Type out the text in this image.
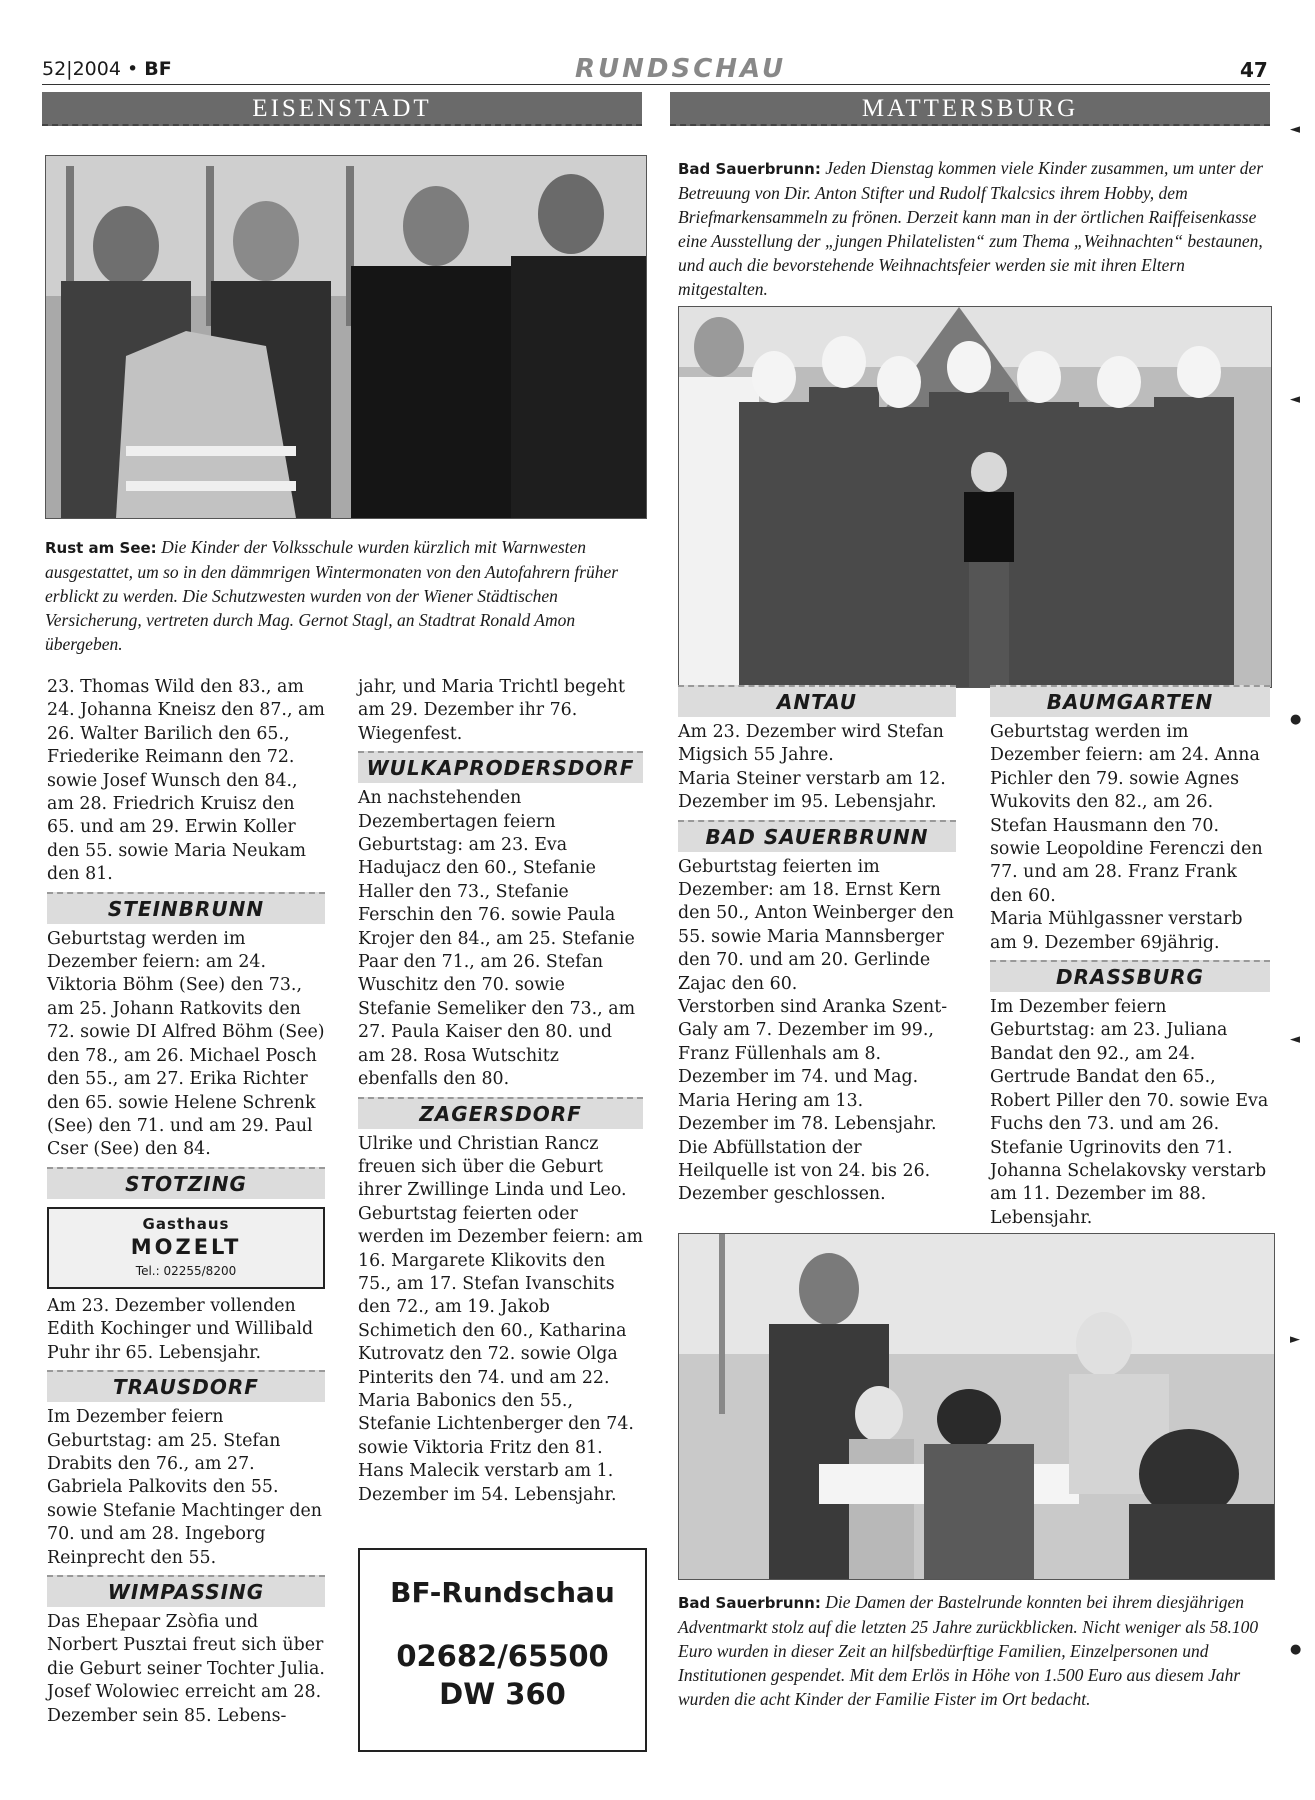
52|2004 • BF	RUNDSCHAU	47
EISENSTADT	MATTERSBURG
Bad Sauerbrunn: Jeden Dienstag kommen viele Kinder zusammen, um unter der Betreuung von Dir. Anton Stifter und Rudolf Tkalcsics ihrem Hobby, dem Briefmarkensammeln zu frönen. Derzeit kann man in der örtlichen Raiffeisenkasse eine Ausstellung der „jungen Philatelisten“ zum Thema „Weihnachten“ bestaunen, und auch die bevorstehende Weihnachtsfeier werden sie mit ihren Eltern mitgestalten.
Rust am See: Die Kinder der Volksschule wurden kürzlich mit Warnwesten ausgestattet, um so in den dämmrigen Wintermonaten von den Autofahrern früher erblickt zu werden. Die Schutzwesten wurden von der Wiener Städtischen Versicherung, vertreten durch Mag. Gernot Stagl, an Stadtrat Ronald Amon übergeben.

23. Thomas Wild den 83., am 24. Johanna Kneisz den 87., am 26. Walter Barilich den 65., Friederike Reimann den 72. sowie Josef Wunsch den 84., am 28. Friedrich Kruisz den 65. und am 29. Erwin Koller den 55. sowie Maria Neukam den 81.

STEINBRUNN

Geburtstag werden im Dezember feiern: am 24. Viktoria Böhm (See) den 73., am 25. Johann Ratkovits den 72. sowie DI Alfred Böhm (See) den 78., am 26. Michael Posch den 55., am 27. Erika Richter den 65. sowie Helene Schrenk (See) den 71. und am 29. Paul Cser (See) den 84.

STOTZING
Gasthaus
MOZELT
Tel.: 02255/8200

Am 23. Dezember vollenden Edith Kochinger und Willibald Puhr ihr 65. Lebensjahr.

TRAUSDORF

Im Dezember feiern Geburtstag: am 25. Stefan Drabits den 76., am 27. Gabriela Palkovits den 55. sowie Stefanie Machtinger den 70. und am 28. Ingeborg Reinprecht den 55.

WIMPASSING

Das Ehepaar Zsòfia und Norbert Pusztai freut sich über die Geburt seiner Tochter Julia. Josef Wolowiec erreicht am 28. Dezember sein 85. Lebens-

jahr, und Maria Trichtl begeht am 29. Dezember ihr 76. Wiegenfest.

WULKAPRODERSDORF

An nachstehenden Dezembertagen feiern Geburtstag: am 23. Eva Hadujacz den 60., Stefanie Haller den 73., Stefanie Ferschin den 76. sowie Paula Krojer den 84., am 25. Stefanie Paar den 71., am 26. Stefan Wuschitz den 70. sowie Stefanie Semeliker den 73., am 27. Paula Kaiser den 80. und am 28. Rosa Wutschitz ebenfalls den 80.

ZAGERSDORF

Ulrike und Christian Rancz freuen sich über die Geburt ihrer Zwillinge Linda und Leo. Geburtstag feierten oder werden im Dezember feiern: am 16. Margarete Klikovits den 75., am 17. Stefan Ivanschits den 72., am 19. Jakob Schimetich den 60., Katharina Kutrovatz den 72. sowie Olga Pinterits den 74. und am 22. Maria Babonics den 55., Stefanie Lichtenberger den 74. sowie Viktoria Fritz den 81.

Hans Malecik verstarb am 1. Dezember im 54. Lebensjahr.

BF-Rundschau
02682/65500
DW 360
ANTAU

Am 23. Dezember wird Stefan Migsich 55 Jahre.

Maria Steiner verstarb am 12. Dezember im 95. Lebensjahr.

BAD SAUERBRUNN

Geburtstag feierten im Dezember: am 18. Ernst Kern den 50., Anton Weinberger den 55. sowie Maria Mannsberger den 70. und am 20. Gerlinde Zajac den 60.

Verstorben sind Aranka Szent-Galy am 7. Dezember im 99., Franz Füllenhals am 8. Dezember im 74. und Mag. Maria Hering am 13. Dezember im 78. Lebensjahr.

Die Abfüllstation der Heilquelle ist von 24. bis 26. Dezember geschlossen.

BAUMGARTEN

Geburtstag werden im Dezember feiern: am 24. Anna Pichler den 79. sowie Agnes Wukovits den 82., am 26. Stefan Hausmann den 70. sowie Leopoldine Ferenczi den 77. und am 28. Franz Frank den 60.

Maria Mühlgassner verstarb am 9. Dezember 69jährig.

DRASSBURG

Im Dezember feiern Geburtstag: am 23. Juliana Bandat den 92., am 24. Gertrude Bandat den 65., Robert Piller den 70. sowie Eva Fuchs den 73. und am 26. Stefanie Ugrinovits den 71.

Johanna Schelakovsky verstarb am 11. Dezember im 88. Lebensjahr.

Bad Sauerbrunn: Die Damen der Bastelrunde konnten bei ihrem diesjährigen Adventmarkt stolz auf die letzten 25 Jahre zurückblicken. Nicht weniger als 58.100 Euro wurden in dieser Zeit an hilfsbedürftige Familien, Einzelpersonen und Institutionen gespendet. Mit dem Erlös in Höhe von 1.500 Euro aus diesem Jahr wurden die acht Kinder der Familie Fister im Ort bedacht.
◄
◄
●
◄
►
●
